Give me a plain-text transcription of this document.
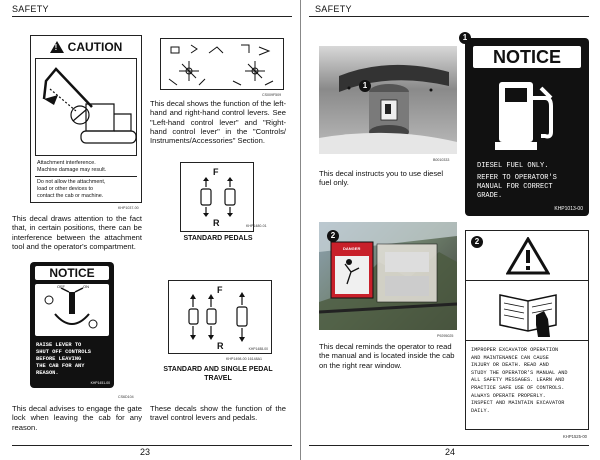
SAFETY
!
CAUTION
Attachment interference.
Machine damage may result.
Do not allow the attachment,
load or other devices to
contact the cab or machine.
KHP1037-00
This decal draws attention to the fact that, in certain positions, there can be interference between the attachment tool and the operator's compartment.
NOTICE
OFF	ON
RAISE LEVER TO
SHUT OFF CONTROLS
BEFORE LEAVING
THE CAB FOR ANY
REASON.
KHP1451-00
CS6D104
This decal advises to engage the gate lock when leaving the cab for any reason.
CS009F509
This decal shows the function of the left-hand and right-hand control levers. See "Left-hand control lever" and "Right-hand control lever" in the "Controls/ Instruments/Accessories" Section.
F
R	KHP1480-01
STANDARD PEDALS
F
R	KHP1488-00
KHP1498-00 16148A1
STANDARD AND SINGLE PEDAL
TRAVEL
These decals show the function of the travel control levers and pedals.
23
SAFETY
1
B0010333
This decal instructs you to use diesel fuel only.
DANGER
2
P9295025
This decal reminds the operator to read the manual and is located inside the cab on the right rear window.
NOTICE
DIESEL FUEL ONLY.
REFER TO OPERATOR'S
MANUAL FOR CORRECT
GRADE.
KHP1013-00
1
IMPROPER EXCAVATOR OPERATION
AND MAINTENANCE CAN CAUSE
INJURY OR DEATH. READ AND
STUDY THE OPERATOR'S MANUAL AND
ALL SAFETY MESSAGES. LEARN AND
PRACTICE SAFE USE OF CONTROLS.
ALWAYS OPERATE PROPERLY.
INSPECT AND MAINTAIN EXCAVATOR
DAILY.
2
KHP1525-00
24
